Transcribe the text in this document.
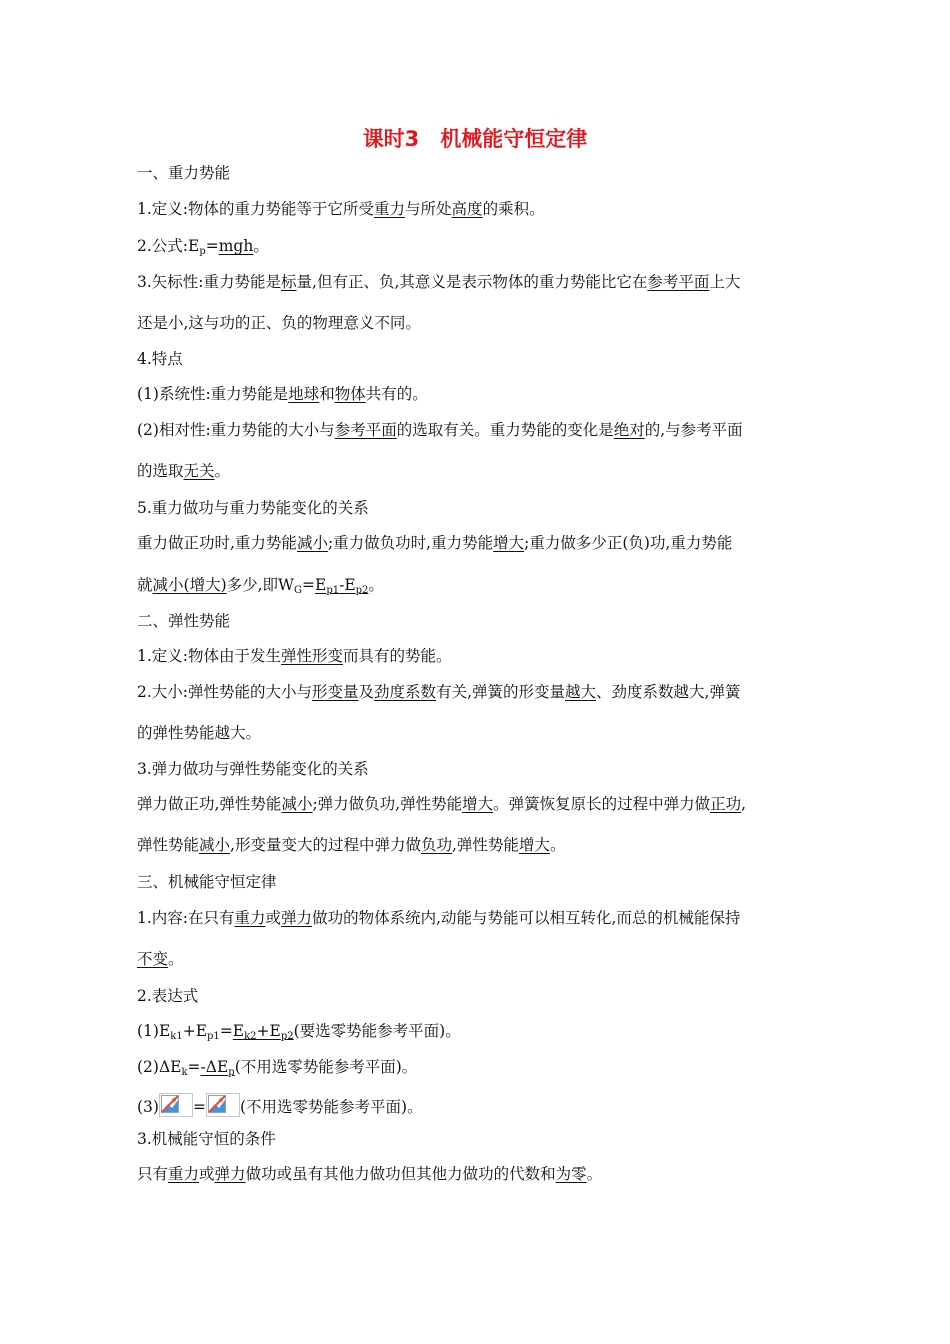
课时3　机械能守恒定律
一、重力势能
1.定义:物体的重力势能等于它所受重力与所处高度的乘积。
2.公式$:E_p=mgh$。
3.矢标性:重力势能是标量,但有正、负,其意义是表示物体的重力势能比它在参考平面上大
还是小,这与功的正、负的物理意义不同。
4.特点
(1)系统性:重力势能是地球和物体共有的。
(2)相对性:重力势能的大小与参考平面的选取有关。重力势能的变化是绝对的,与参考平面
的选取无关。
5.重力做功与重力势能变化的关系
重力做正功时,重力势能减小;重力做负功时,重力势能增大;重力做多少正(负)功,重力势能
就减小(增大)多少,即$W_G=E_{p1}-E_{p2}$。
二、弹性势能
1.定义:物体由于发生弹性形变而具有的势能。
2.大小:弹性势能的大小与形变量及劲度系数有关,弹簧的形变量越大、劲度系数越大,弹簧
的弹性势能越大。
3.弹力做功与弹性势能变化的关系
弹力做正功,弹性势能减小;弹力做负功,弹性势能增大。弹簧恢复原长的过程中弹力做正功,
弹性势能减小,形变量变大的过程中弹力做负功,弹性势能增大。
三、机械能守恒定律
1.内容:在只有重力或弹力做功的物体系统内,动能与势能可以相互转化,而总的机械能保持
不变。
2.表达式
$(1)E_{k1}+E_{p1}=E_{k2}+E_{p2}$(要选零势能参考平面)。
$(2)\Delta E_k=-\Delta E_p$(不用选零势能参考平面)。
(3) = (不用选零势能参考平面)。
3.机械能守恒的条件
只有重力或弹力做功或虽有其他力做功但其他力做功的代数和为零。
